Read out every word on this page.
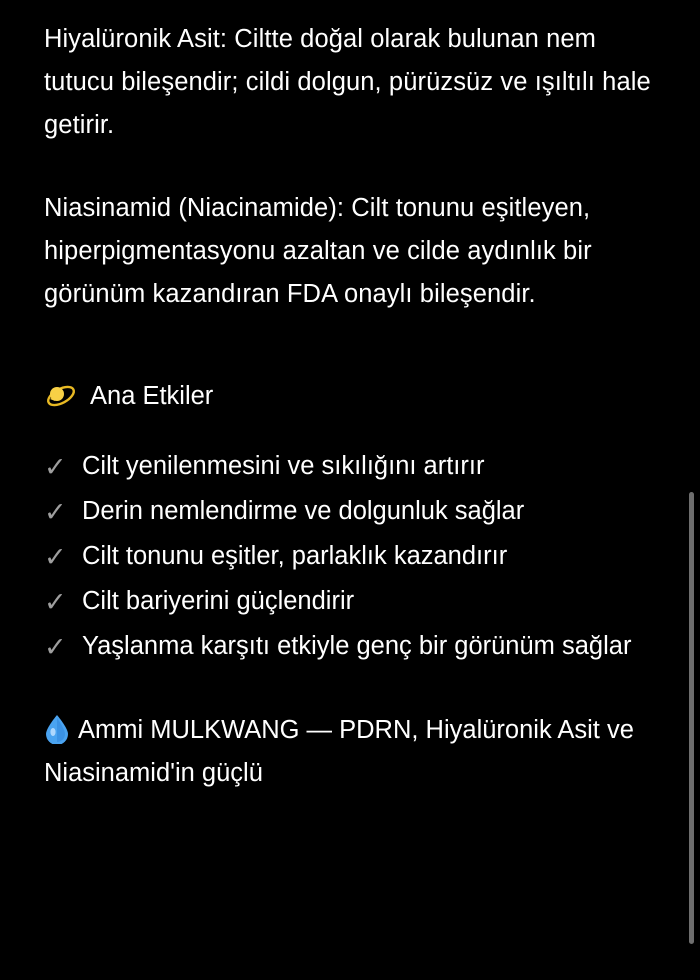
Hiyalüronik Asit: Ciltte doğal olarak bulunan nem tutucu bileşendir; cildi dolgun, pürüzsüz ve ışıltılı hale getirir.

Niasinamid (Niacinamide): Cilt tonunu eşitleyen, hiperpigmentasyonu azaltan ve cilde aydınlık bir görünüm kazandıran FDA onaylı bileşendir.

Ana Etkiler
✓ Cilt yenilenmesini ve sıkılığını artırır
✓ Derin nemlendirme ve dolgunluk sağlar
✓ Cilt tonunu eşitler, parlaklık kazandırır
✓ Cilt bariyerini güçlendirir
✓ Yaşlanma karşıtı etkiyle genç bir görünüm sağlar
Ammi MULKWANG — PDRN, Hiyalüronik Asit ve Niasinamid'in güçlü
